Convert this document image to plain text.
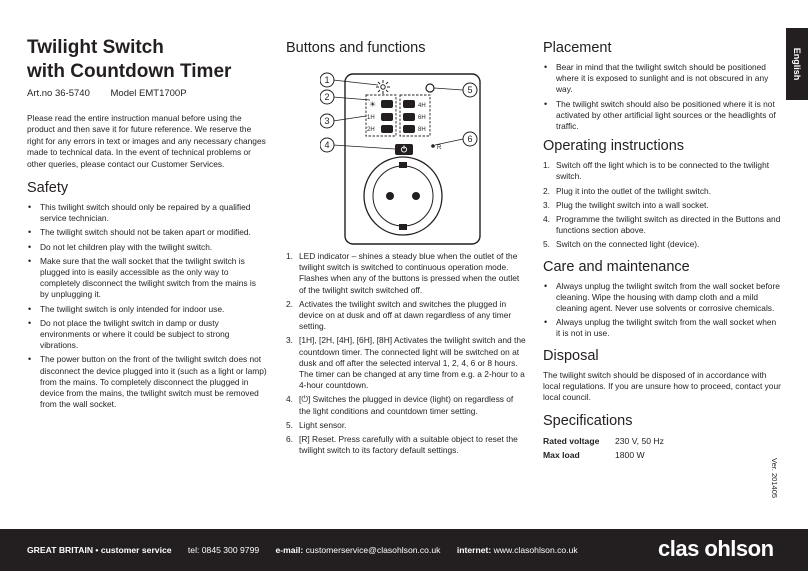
English
Ver. 201405
Twilight Switch
with Countdown Timer
Art.no 36-5740 Model EMT1700P

Please read the entire instruction manual before using the product and then save it for future reference. We reserve the right for any errors in text or images and any necessary changes made to technical data. In the event of technical problems or other queries, please contact our Customer Services.

Safety
• This twilight switch should only be repaired by a qualified service technician.
• The twilight switch should not be taken apart or modified.
• Do not let children play with the twilight switch.
• Make sure that the wall socket that the twilight switch is plugged into is easily accessible as the only way to completely disconnect the twilight switch from the mains is by unplugging it.
• The twilight switch is only intended for indoor use.
• Do not place the twilight switch in damp or dusty environments or where it could be subject to strong vibrations.
• The power button on the front of the twilight switch does not disconnect the device plugged into it (such as a light or lamp) from the mains. To completely disconnect the plugged in device from the mains, the twilight switch must be removed from the wall socket.
Buttons and functions
☀
1H
2H
4H
6H
8H
R
1
2
3
4
5
6
1. LED indicator – shines a steady blue when the outlet of the twilight switch is switched to continuous operation mode. Flashes when any of the buttons is pressed when the outlet of the twilight switch switched off.
2. Activates the twilight switch and switches the plugged in device on at dusk and off at dawn regardless of any timer setting.
3. [1H], [2H, [4H], [6H], [8H] Activates the twilight switch and the countdown timer. The connected light will be switched on at dusk and off after the selected interval 1, 2, 4, 6 or 8 hours. The timer can be changed at any time from e.g. a 2-hour to a 4-hour countdown.
4. [⏻] Switches the plugged in device (light) on regardless of the light conditions and countdown timer setting.
5. Light sensor.
6. [R] Reset. Press carefully with a suitable object to reset the twilight switch to its factory default settings.
Placement
• Bear in mind that the twilight switch should be positioned where it is exposed to sunlight and is not obscured in any way.
• The twilight switch should also be positioned where it is not activated by other artificial light sources or the headlights of traffic.
Operating instructions
1. Switch off the light which is to be connected to the twilight switch.
2. Plug it into the outlet of the twilight switch.
3. Plug the twilight switch into a wall socket.
4. Programme the twilight switch as directed in the Buttons and functions section above.
5. Switch on the connected light (device).
Care and maintenance
• Always unplug the twilight switch from the wall socket before cleaning. Wipe the housing with damp cloth and a mild cleaning agent. Never use solvents or corrosive chemicals.
• Always unplug the twilight switch from the wall socket when it is not in use.
Disposal

The twilight switch should be disposed of in accordance with local regulations. If you are unsure how to proceed, contact your local council.

Specifications
Rated voltage 230 V, 50 Hz
Max load	1800 W
GREAT BRITAIN • customer service tel: 0845 300 9799 e-mail: customerservice@clasohlson.co.uk internet: www.clasohlson.co.uk	clas ohlson
